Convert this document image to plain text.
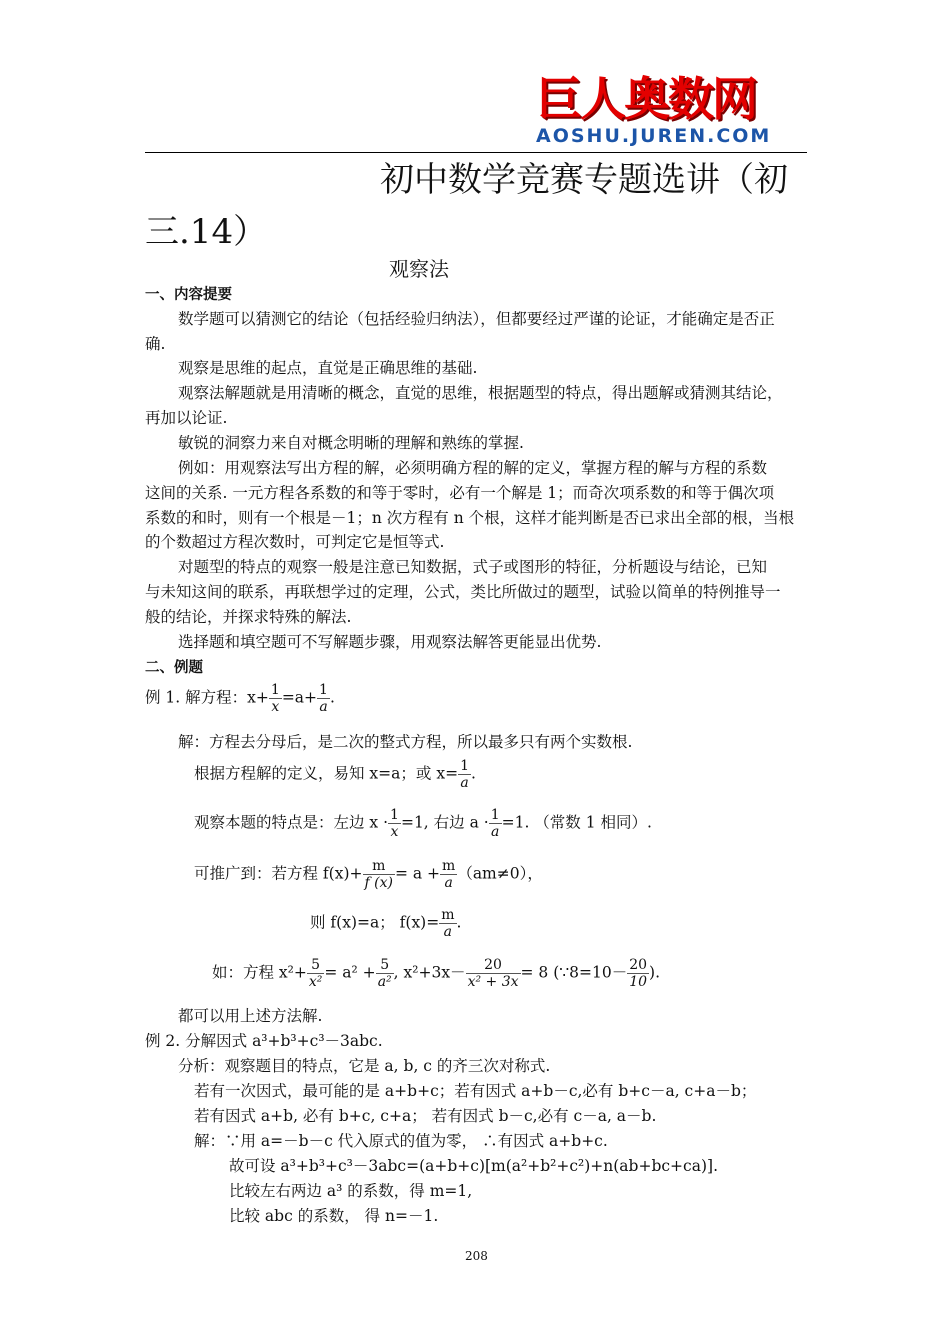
巨人奥数网
AOSHU.JUREN.COM
初中数学竞赛专题选讲（初
三.14）
观察法
一、内容提要
数学题可以猜测它的结论（包括经验归纳法），但都要经过严谨的论证，才能确定是否正
确.
观察是思维的起点，直觉是正确思维的基础.
观察法解题就是用清晰的概念，直觉的思维，根据题型的特点，得出题解或猜测其结论，
再加以论证.
敏锐的洞察力来自对概念明晰的理解和熟练的掌握.
例如：用观察法写出方程的解，必须明确方程的解的定义，掌握方程的解与方程的系数
这间的关系. 一元方程各系数的和等于零时，必有一个解是 1；而奇次项系数的和等于偶次项
系数的和时，则有一个根是－1；n 次方程有 n 个根，这样才能判断是否已求出全部的根，当根
的个数超过方程次数时，可判定它是恒等式.
对题型的特点的观察一般是注意已知数据，式子或图形的特征，分析题设与结论，已知
与未知这间的联系，再联想学过的定理，公式，类比所做过的题型，试验以简单的特例推导一
般的结论，并探求特殊的解法.
选择题和填空题可不写解题步骤，用观察法解答更能显出优势.
二、例题
例 1. 解方程：$x+ \frac{1}{x} =a+ \frac{1}{a}$ .
解：方程去分母后，是二次的整式方程，所以最多只有两个实数根.
根据方程解的定义，易知 x=a；或 $x= \frac{1}{a}$ .
观察本题的特点是：左边 $x \cdot \frac{1}{x} =1$, 右边 $a \cdot \frac{1}{a} =1$. （常数 1 相同）.
可推广到：若方程 $f(x)+ \frac{m}{f (x)} = a + \frac{m}{a} (am\ne 0)$，
则 f(x)=a； $f(x)= \frac{m}{a}$ .
如：方程 $x^2+ \frac{5}{\text{x²}} = a^2 + \frac{5}{\text{a²}}$ , $x^2+3x- \frac{20}{\text{x² + 3x}} = 8$ (∵8=10－ $\frac{20}{10}$ ).
都可以用上述方法解.
例 2. 分解因式 a³+b³+c³－3abc.
分析：观察题目的特点，它是 a, b, c 的齐三次对称式.
若有一次因式，最可能的是 a+b+c；若有因式 a+b－c,必有 b+c－a, c+a－b；
若有因式 a+b, 必有 b+c, c+a； 若有因式 b－c,必有 c－a, a－b.
解：∵用 a=－b－c 代入原式的值为零， ∴有因式 a+b+c.
故可设 a³+b³+c³－3abc=(a+b+c)[m(a²+b²+c²)+n(ab+bc+ca)].
比较左右两边 a³ 的系数，得 m=1,
比较 abc 的系数， 得 n=－1.
208
